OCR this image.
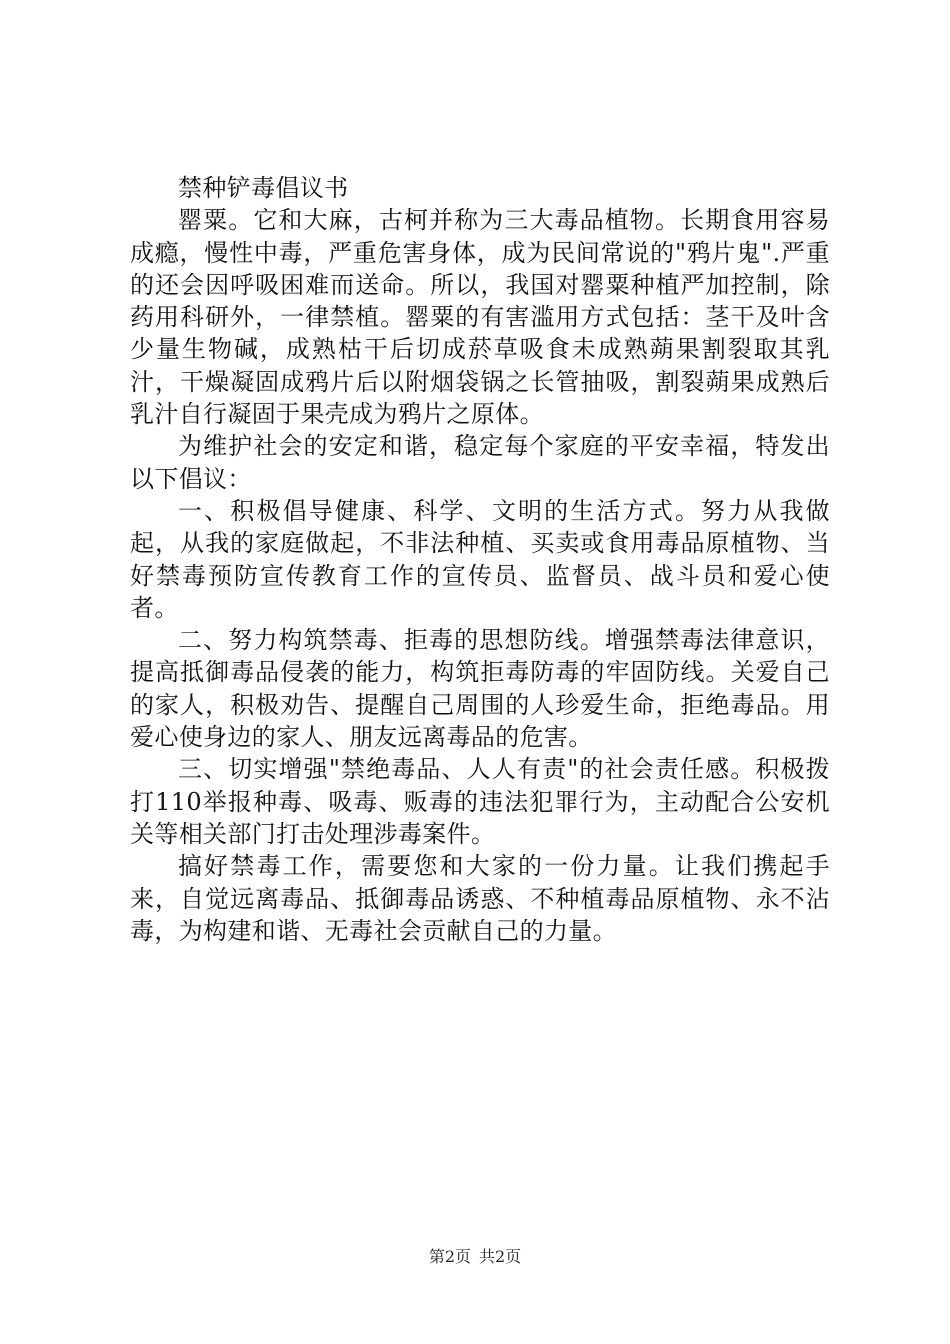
禁种铲毒倡议书

罂粟。它和大麻，古柯并称为三大毒品植物。长期食用容易成瘾，慢性中毒，严重危害身体，成为民间常说的"鸦片鬼".严重的还会因呼吸困难而送命。所以，我国对罂粟种植严加控制，除药用科研外，一律禁植。罂粟的有害滥用方式包括：茎干及叶含少量生物碱，成熟枯干后切成菸草吸食未成熟蒴果割裂取其乳汁，干燥凝固成鸦片后以附烟袋锅之长管抽吸，割裂蒴果成熟后乳汁自行凝固于果壳成为鸦片之原体。

为维护社会的安定和谐，稳定每个家庭的平安幸福，特发出以下倡议：

一、积极倡导健康、科学、文明的生活方式。努力从我做起，从我的家庭做起，不非法种植、买卖或食用毒品原植物、当好禁毒预防宣传教育工作的宣传员、监督员、战斗员和爱心使者。

二、努力构筑禁毒、拒毒的思想防线。增强禁毒法律意识，提高抵御毒品侵袭的能力，构筑拒毒防毒的牢固防线。关爱自己的家人，积极劝告、提醒自己周围的人珍爱生命，拒绝毒品。用爱心使身边的家人、朋友远离毒品的危害。

三、切实增强"禁绝毒品、人人有责"的社会责任感。积极拨打110举报种毒、吸毒、贩毒的违法犯罪行为，主动配合公安机关等相关部门打击处理涉毒案件。

搞好禁毒工作，需要您和大家的一份力量。让我们携起手来，自觉远离毒品、抵御毒品诱惑、不种植毒品原植物、永不沾毒，为构建和谐、无毒社会贡献自己的力量。

第2页 共2页
